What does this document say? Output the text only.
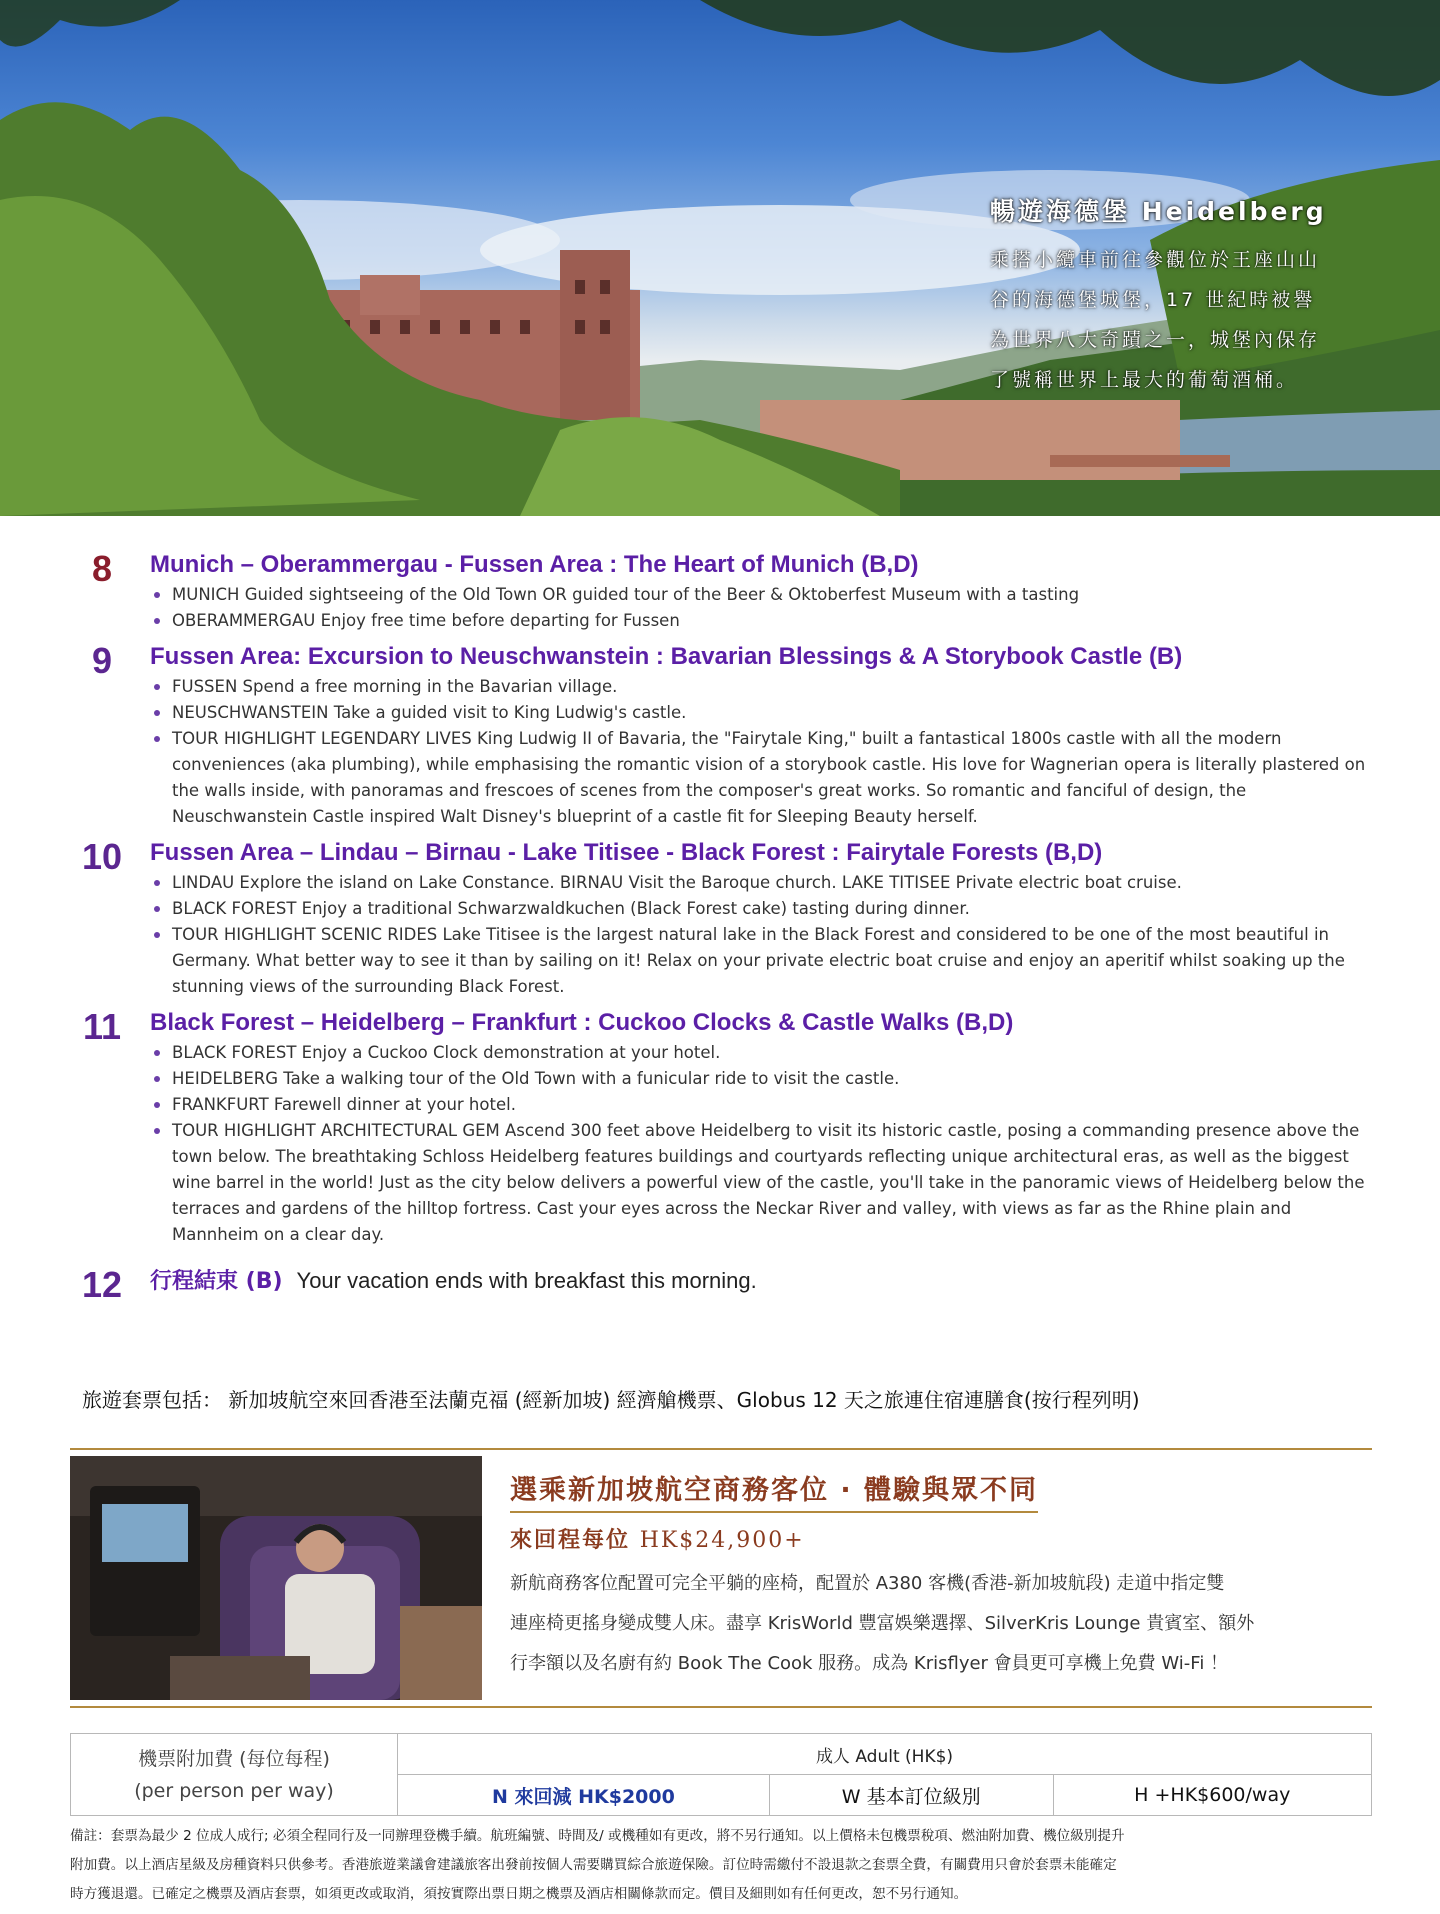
暢遊海德堡 Heidelberg
乘搭小纜車前往參觀位於王座山山
谷的海德堡城堡，17 世紀時被譽
為世界八大奇蹟之一，城堡內保存
了號稱世界上最大的葡萄酒桶。
8	Munich – Oberammergau - Fussen Area : The Heart of Munich (B,D)
MUNICH Guided sightseeing of the Old Town OR guided tour of the Beer & Oktoberfest Museum with a tasting
OBERAMMERGAU Enjoy free time before departing for Fussen
9	Fussen Area: Excursion to Neuschwanstein : Bavarian Blessings & A Storybook Castle (B)
FUSSEN Spend a free morning in the Bavarian village.
NEUSCHWANSTEIN Take a guided visit to King Ludwig's castle.
TOUR HIGHLIGHT LEGENDARY LIVES King Ludwig II of Bavaria, the "Fairytale King," built a fantastical 1800s castle with all the modern conveniences (aka plumbing), while emphasising the romantic vision of a storybook castle. His love for Wagnerian opera is literally plastered on the walls inside, with panoramas and frescoes of scenes from the composer's great works. So romantic and fanciful of design, the Neuschwanstein Castle inspired Walt Disney's blueprint of a castle fit for Sleeping Beauty herself.
10	Fussen Area – Lindau – Birnau - Lake Titisee - Black Forest : Fairytale Forests (B,D)
LINDAU Explore the island on Lake Constance. BIRNAU Visit the Baroque church. LAKE TITISEE Private electric boat cruise.
BLACK FOREST Enjoy a traditional Schwarzwaldkuchen (Black Forest cake) tasting during dinner.
TOUR HIGHLIGHT SCENIC RIDES Lake Titisee is the largest natural lake in the Black Forest and considered to be one of the most beautiful in Germany. What better way to see it than by sailing on it! Relax on your private electric boat cruise and enjoy an aperitif whilst soaking up the stunning views of the surrounding Black Forest.
11	Black Forest – Heidelberg – Frankfurt : Cuckoo Clocks & Castle Walks (B,D)
BLACK FOREST Enjoy a Cuckoo Clock demonstration at your hotel.
HEIDELBERG Take a walking tour of the Old Town with a funicular ride to visit the castle.
FRANKFURT Farewell dinner at your hotel.
TOUR HIGHLIGHT ARCHITECTURAL GEM Ascend 300 feet above Heidelberg to visit its historic castle, posing a commanding presence above the town below. The breathtaking Schloss Heidelberg features buildings and courtyards reflecting unique architectural eras, as well as the biggest wine barrel in the world! Just as the city below delivers a powerful view of the castle, you'll take in the panoramic views of Heidelberg below the terraces and gardens of the hilltop fortress. Cast your eyes across the Neckar River and valley, with views as far as the Rhine plain and Mannheim on a clear day.
12	行程結束 (B) Your vacation ends with breakfast this morning.
旅遊套票包括： 新加坡航空來回香港至法蘭克福 (經新加坡) 經濟艙機票、Globus 12 天之旅連住宿連膳食(按行程列明)
選乘新加坡航空商務客位 · 體驗與眾不同
來回程每位 HK$24,900+
新航商務客位配置可完全平躺的座椅，配置於 A380 客機(香港-新加坡航段) 走道中指定雙
連座椅更搖身變成雙人床。盡享 KrisWorld 豐富娛樂選擇、SilverKris Lounge 貴賓室、額外
行李額以及名廚有約 Book The Cook 服務。成為 Krisflyer 會員更可享機上免費 Wi-Fi ！
機票附加費 (每位每程)
(per person per way)	成人 Adult (HK$)		
	N 來回減 HK$2000	W 基本訂位級別	H +HK$600/way
備註：套票為最少 2 位成人成行; 必須全程同行及一同辦理登機手續。航班編號、時間及/ 或機種如有更改，將不另行通知。以上價格未包機票稅項、燃油附加費、機位級別提升
附加費。以上酒店星級及房種資料只供參考。香港旅遊業議會建議旅客出發前按個人需要購買綜合旅遊保險。訂位時需繳付不設退款之套票全費，有關費用只會於套票未能確定
時方獲退還。已確定之機票及酒店套票，如須更改或取消，須按實際出票日期之機票及酒店相關條款而定。價目及細則如有任何更改，恕不另行通知。
